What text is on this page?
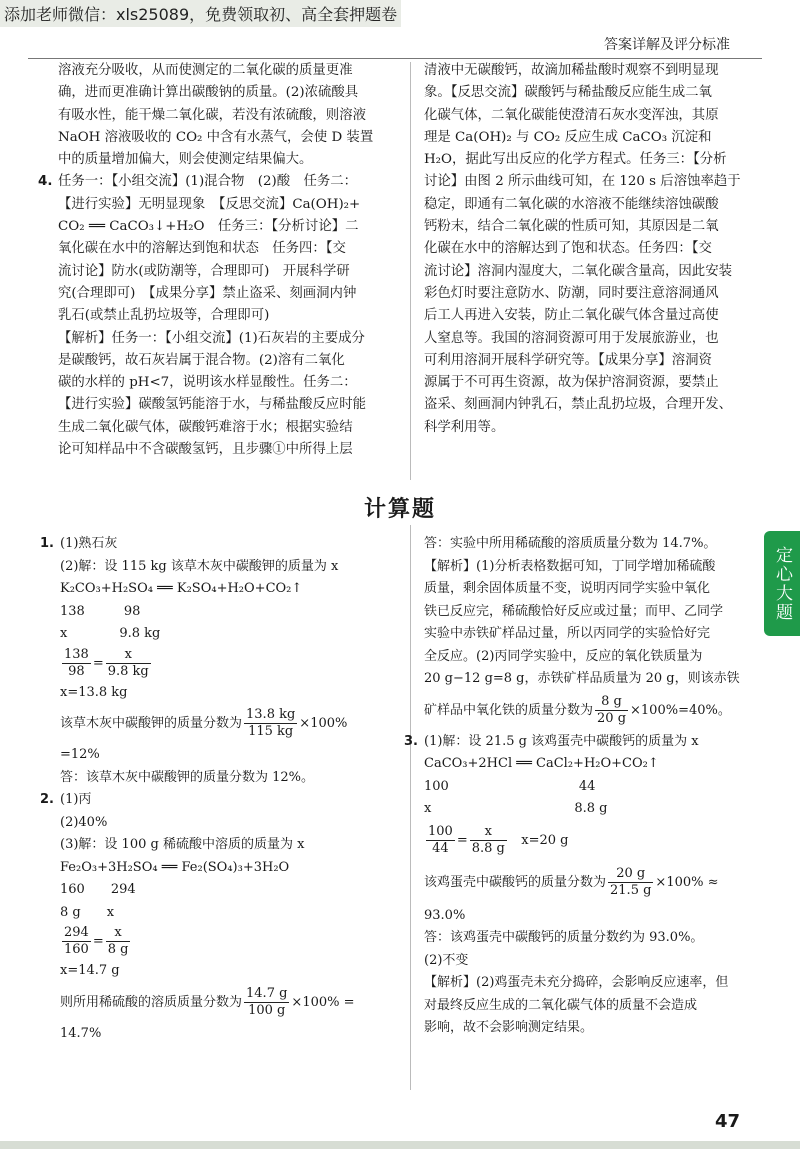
添加老师微信：xls25089，免费领取初、高全套押题卷
答案详解及评分标准
定心大题

溶液充分吸收，从而使测定的二氧化碳的质量更准

确，进而更准确计算出碳酸钠的质量。(2)浓硫酸具

有吸水性，能干燥二氧化碳，若没有浓硫酸，则溶液

NaOH 溶液吸收的 CO₂ 中含有水蒸气，会使 D 装置

中的质量增加偏大，则会使测定结果偏大。

4. 任务一：【小组交流】(1)混合物　(2)酸　任务二：

【进行实验】无明显现象　【反思交流】Ca(OH)₂+

CO₂ ══ CaCO₃↓+H₂O　任务三：【分析讨论】二

氧化碳在水中的溶解达到饱和状态　任务四：【交

流讨论】防水(或防潮等，合理即可)　开展科学研

究(合理即可)　【成果分享】禁止盗采、刻画洞内钟

乳石(或禁止乱扔垃圾等，合理即可)

【解析】任务一：【小组交流】(1)石灰岩的主要成分

是碳酸钙，故石灰岩属于混合物。(2)溶有二氧化

碳的水样的 pH<7，说明该水样显酸性。任务二：

【进行实验】碳酸氢钙能溶于水，与稀盐酸反应时能

生成二氧化碳气体，碳酸钙难溶于水；根据实验结

论可知样品中不含碳酸氢钙，且步骤①中所得上层

清液中无碳酸钙，故滴加稀盐酸时观察不到明显现

象。【反思交流】碳酸钙与稀盐酸反应能生成二氧

化碳气体，二氧化碳能使澄清石灰水变浑浊，其原

理是 Ca(OH)₂ 与 CO₂ 反应生成 CaCO₃ 沉淀和

H₂O，据此写出反应的化学方程式。任务三：【分析

讨论】由图 2 所示曲线可知，在 120 s 后溶蚀率趋于

稳定，即通有二氧化碳的水溶液不能继续溶蚀碳酸

钙粉末，结合二氧化碳的性质可知，其原因是二氧

化碳在水中的溶解达到了饱和状态。任务四：【交

流讨论】溶洞内湿度大，二氧化碳含量高，因此安装

彩色灯时要注意防水、防潮，同时要注意溶洞通风

后工人再进入安装，防止二氧化碳气体含量过高使

人窒息等。我国的溶洞资源可用于发展旅游业，也

可利用溶洞开展科学研究等。【成果分享】溶洞资

源属于不可再生资源，故为保护溶洞资源，要禁止

盗采、刻画洞内钟乳石，禁止乱扔垃圾，合理开发、

科学利用等。

计算题

1. (1)熟石灰

(2)解：设 115 kg 该草木灰中碳酸钾的质量为 x

K₂CO₃+H₂SO₄ ══ K₂SO₄+H₂O+CO₂↑

138　　　98

x　　　　9.8 kg

$\frac{138}{98} = \frac{x}{9.8 kg}$

x=13.8 kg

该草木灰中碳酸钾的质量分数为 $\frac{13.8 kg}{115 kg} \times 100\%$

=12%

答：该草木灰中碳酸钾的质量分数为 12%。

2. (1)丙

(2)40%

(3)解：设 100 g 稀硫酸中溶质的质量为 x

Fe₂O₃+3H₂SO₄ ══ Fe₂(SO₄)₃+3H₂O

160　　294

8 g　　x

$\frac{294}{160} = \frac{x}{8 g}$

x=14.7 g

则所用稀硫酸的溶质质量分数为 $\frac{14.7 g}{100 g} \times 100\%$ =

14.7%

答：实验中所用稀硫酸的溶质质量分数为 14.7%。

【解析】(1)分析表格数据可知，丁同学增加稀硫酸

质量，剩余固体质量不变，说明丙同学实验中氧化

铁已反应完，稀硫酸恰好反应或过量；而甲、乙同学

实验中赤铁矿样品过量，所以丙同学的实验恰好完

全反应。(2)丙同学实验中，反应的氧化铁质量为

20 g−12 g=8 g，赤铁矿样品质量为 20 g，则该赤铁

矿样品中氧化铁的质量分数为 $\frac{8 g}{20 g} \times 100\%=40\%$。

3. (1)解：设 21.5 g 该鸡蛋壳中碳酸钙的质量为 x

CaCO₃+2HCl ══ CaCl₂+H₂O+CO₂↑

100　　　　　　　　　　44

x　　　　　　　　　　　8.8 g

$\frac{100}{44} = \frac{x}{8.8 g} x=20$ g

该鸡蛋壳中碳酸钙的质量分数为 $\frac{20 g}{21.5 g} \times 100\%$ ≈

93.0%

答：该鸡蛋壳中碳酸钙的质量分数约为 93.0%。

(2)不变

【解析】(2)鸡蛋壳未充分捣碎，会影响反应速率，但

对最终反应生成的二氧化碳气体的质量不会造成

影响，故不会影响测定结果。

47
